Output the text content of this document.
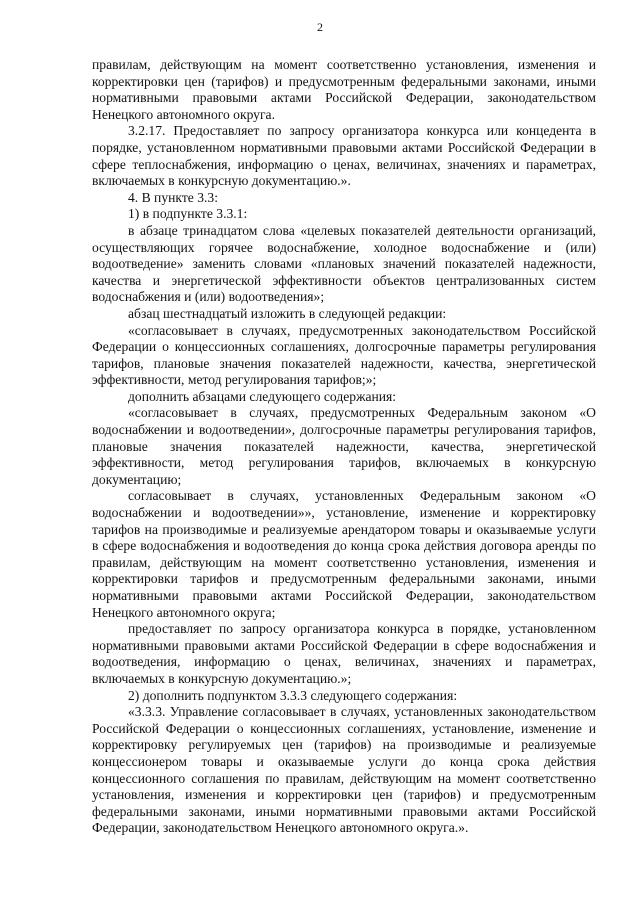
2

правилам, действующим на момент соответственно установления, изменения и корректировки цен (тарифов) и предусмотренным федеральными законами, иными нормативными правовыми актами Российской Федерации, законодательством Ненецкого автономного округа.

3.2.17. Предоставляет по запросу организатора конкурса или концедента в порядке, установленном нормативными правовыми актами Российской Федерации в сфере теплоснабжения, информацию о ценах, величинах, значениях и параметрах, включаемых в конкурсную документацию.».

4. В пункте 3.3:

1) в подпункте 3.3.1:

в абзаце тринадцатом слова «целевых показателей деятельности организаций, осуществляющих горячее водоснабжение, холодное водоснабжение и (или) водоотведение» заменить словами «плановых значений показателей надежности, качества и энергетической эффективности объектов централизованных систем водоснабжения и (или) водоотведения»;

абзац шестнадцатый изложить в следующей редакции:

«согласовывает в случаях, предусмотренных законодательством Российской Федерации о концессионных соглашениях, долгосрочные параметры регулирования тарифов, плановые значения показателей надежности, качества, энергетической эффективности, метод регулирования тарифов;»;

дополнить абзацами следующего содержания:

«согласовывает в случаях, предусмотренных Федеральным законом «О водоснабжении и водоотведении», долгосрочные параметры регулирования тарифов, плановые значения показателей надежности, качества, энергетической эффективности, метод регулирования тарифов, включаемых в конкурсную документацию;

согласовывает в случаях, установленных Федеральным законом «О водоснабжении и водоотведении»», установление, изменение и корректировку тарифов на производимые и реализуемые арендатором товары и оказываемые услуги в сфере водоснабжения и водоотведения до конца срока действия договора аренды по правилам, действующим на момент соответственно установления, изменения и корректировки тарифов и предусмотренным федеральными законами, иными нормативными правовыми актами Российской Федерации, законодательством Ненецкого автономного округа;

предоставляет по запросу организатора конкурса в порядке, установленном нормативными правовыми актами Российской Федерации в сфере водоснабжения и водоотведения, информацию о ценах, величинах, значениях и параметрах, включаемых в конкурсную документацию.»;

2) дополнить подпунктом 3.3.3 следующего содержания:

«3.3.3. Управление согласовывает в случаях, установленных законодательством Российской Федерации о концессионных соглашениях, установление, изменение и корректировку регулируемых цен (тарифов) на производимые и реализуемые концессионером товары и оказываемые услуги до конца срока действия концессионного соглашения по правилам, действующим на момент соответственно установления, изменения и корректировки цен (тарифов) и предусмотренным федеральными законами, иными нормативными правовыми актами Российской Федерации, законодательством Ненецкого автономного округа.».
